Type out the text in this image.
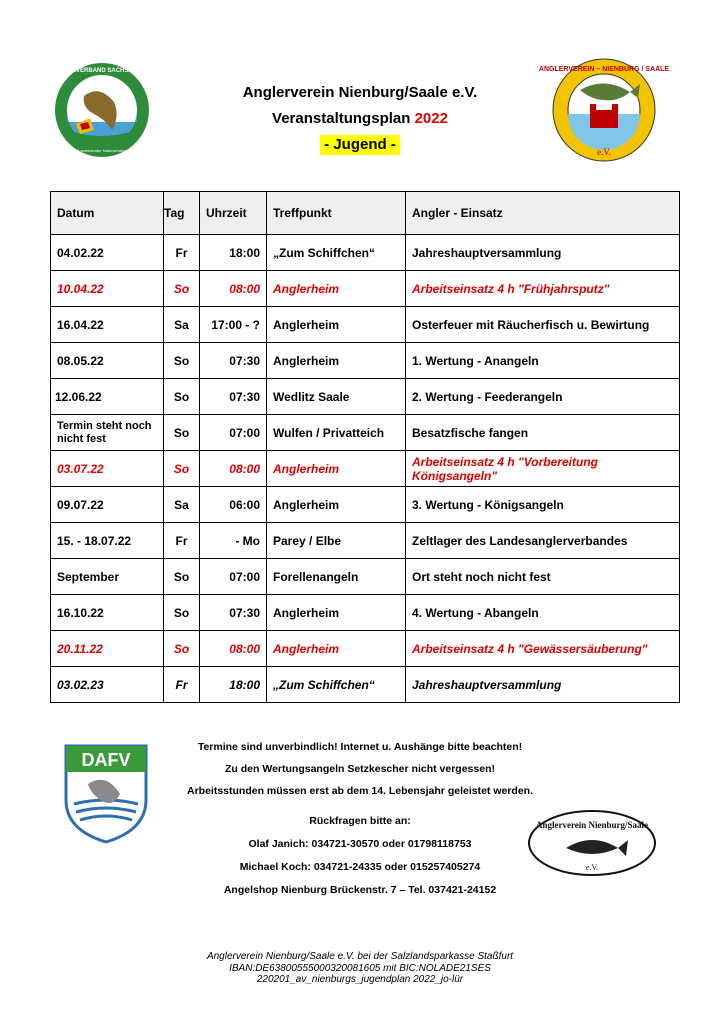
LANDESANGLERVERBAND SACHSEN - ANHALT e.V.
Mitglied anerkannter Naturschutzverband
Anglerverein Nienburg/Saale e.V.
Veranstaltungsplan 2022
- Jugend -
ANGLERVEREIN – NIENBURG / SAALE
e.V.
Datum	Tag	Uhrzeit	Treffpunkt	Angler - Einsatz
04.02.22	Fr	18:00	„Zum Schiffchen“	Jahreshauptversammlung
10.04.22	So	08:00	Anglerheim	Arbeitseinsatz 4 h "Frühjahrsputz"
16.04.22	Sa	17:00 - ?	Anglerheim	Osterfeuer mit Räucherfisch u. Bewirtung
08.05.22	So	07:30	Anglerheim	1. Wertung - Anangeln
12.06.22	So	07:30	Wedlitz Saale	2. Wertung - Feederangeln
Termin steht noch nicht fest	So	07:00	Wulfen / Privatteich	Besatzfische fangen
03.07.22	So	08:00	Anglerheim	Arbeitseinsatz 4 h "Vorbereitung Königsangeln"
09.07.22	Sa	06:00	Anglerheim	3. Wertung - Königsangeln
15. - 18.07.22	Fr	- Mo	Parey / Elbe	Zeltlager des Landesanglerverbandes
September	So	07:00	Forellenangeln	Ort steht noch nicht fest
16.10.22	So	07:30	Anglerheim	4. Wertung - Abangeln
20.11.22	So	08:00	Anglerheim	Arbeitseinsatz 4 h "Gewässersäuberung"
03.02.23	Fr	18:00	„Zum Schiffchen“	Jahreshauptversammlung
DAFV
Termine sind unverbindlich! Internet u. Aushänge bitte beachten!
Zu den Wertungsangeln Setzkescher nicht vergessen!
Arbeitsstunden müssen erst ab dem 14. Lebensjahr geleistet werden.
Rückfragen bitte an:
Olaf Janich: 034721-30570 oder 01798118753
Michael Koch: 034721-24335 oder 015257405274
Angelshop Nienburg Brückenstr. 7 – Tel. 037421-24152
Anglerverein Nienburg/Saale
e.V.
Anglerverein Nienburg/Saale e.V. bei der Salzlandsparkasse Staßfurt
IBAN:DE63800555000320081605 mit BIC:NOLADE21SES
220201_av_nienburgs_jugendplan 2022_jo-lür
